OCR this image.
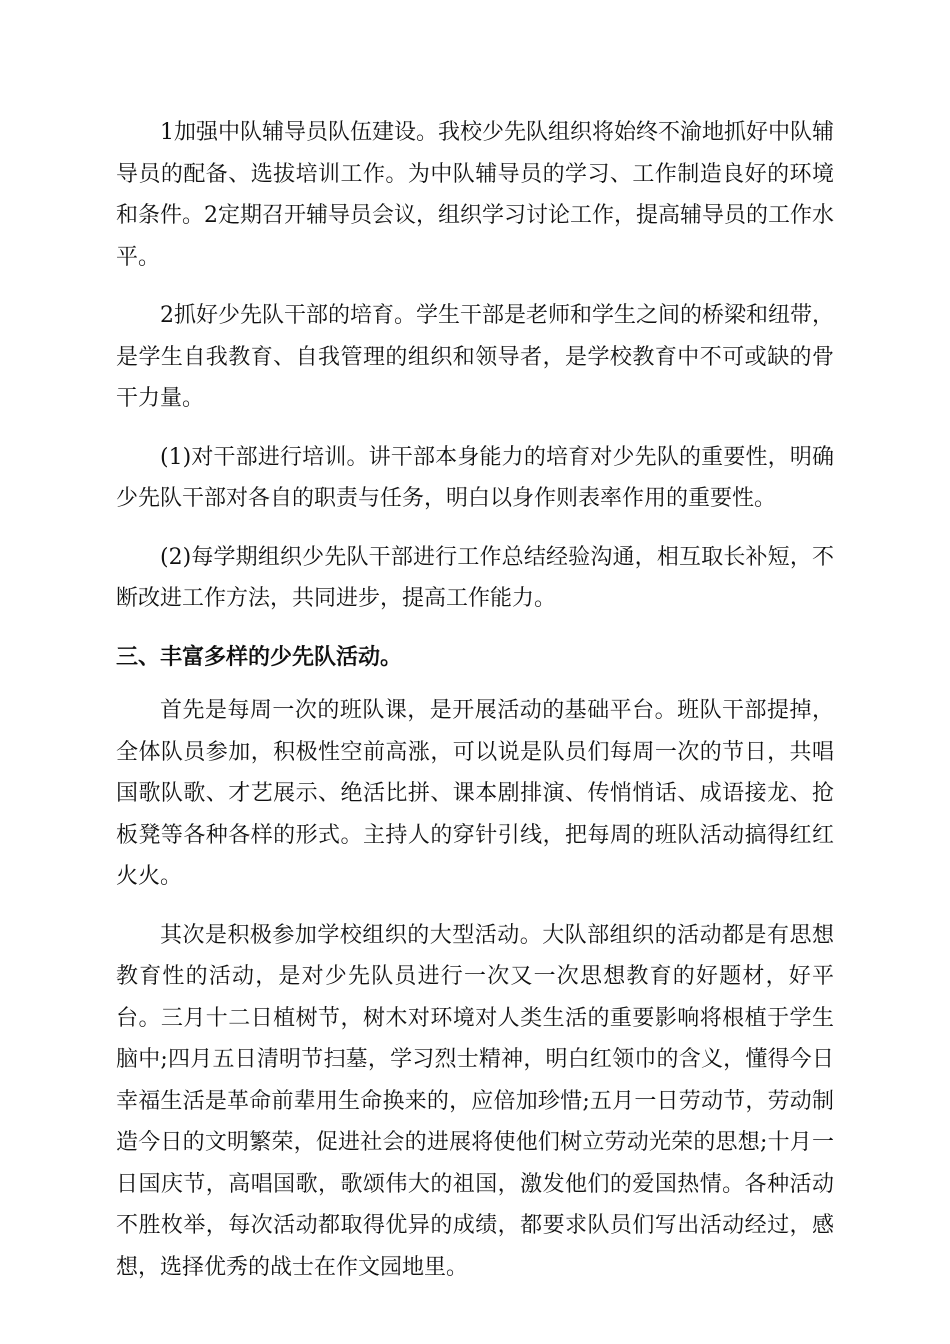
1加强中队辅导员队伍建设。我校少先队组织将始终不渝地抓好中队辅导员的配备、选拔培训工作。为中队辅导员的学习、工作制造良好的环境和条件。2定期召开辅导员会议，组织学习讨论工作，提高辅导员的工作水平。

2抓好少先队干部的培育。学生干部是老师和学生之间的桥梁和纽带，是学生自我教育、自我管理的组织和领导者，是学校教育中不可或缺的骨干力量。

(1)对干部进行培训。讲干部本身能力的培育对少先队的重要性，明确少先队干部对各自的职责与任务，明白以身作则表率作用的重要性。

(2)每学期组织少先队干部进行工作总结经验沟通，相互取长补短，不断改进工作方法，共同进步，提高工作能力。

三、丰富多样的少先队活动。

首先是每周一次的班队课，是开展活动的基础平台。班队干部提掉，全体队员参加，积极性空前高涨，可以说是队员们每周一次的节日，共唱国歌队歌、才艺展示、绝活比拼、课本剧排演、传悄悄话、成语接龙、抢板凳等各种各样的形式。主持人的穿针引线，把每周的班队活动搞得红红火火。

其次是积极参加学校组织的大型活动。大队部组织的活动都是有思想教育性的活动，是对少先队员进行一次又一次思想教育的好题材，好平台。三月十二日植树节，树木对环境对人类生活的重要影响将根植于学生脑中;四月五日清明节扫墓，学习烈士精神，明白红领巾的含义，懂得今日幸福生活是革命前辈用生命换来的，应倍加珍惜;五月一日劳动节，劳动制造今日的文明繁荣，促进社会的进展将使他们树立劳动光荣的思想;十月一日国庆节，高唱国歌，歌颂伟大的祖国，激发他们的爱国热情。各种活动不胜枚举，每次活动都取得优异的成绩，都要求队员们写出活动经过，感想，选择优秀的战士在作文园地里。
